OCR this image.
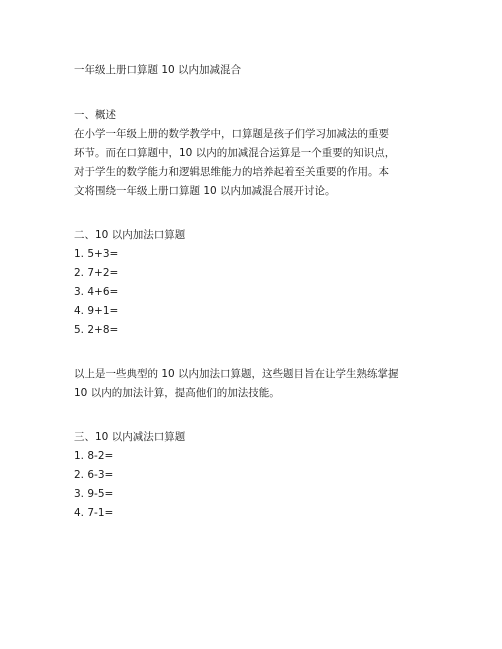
一年级上册口算题 10 以内加减混合
一、概述
在小学一年级上册的数学教学中，口算题是孩子们学习加减法的重要
环节。而在口算题中，10 以内的加减混合运算是一个重要的知识点，
对于学生的数学能力和逻辑思维能力的培养起着至关重要的作用。本
文将围绕一年级上册口算题 10 以内加减混合展开讨论。
二、10 以内加法口算题
1. 5+3=
2. 7+2=
3. 4+6=
4. 9+1=
5. 2+8=
以上是一些典型的 10 以内加法口算题，这些题目旨在让学生熟练掌握
10 以内的加法计算，提高他们的加法技能。
三、10 以内减法口算题
1. 8-2=
2. 6-3=
3. 9-5=
4. 7-1=
